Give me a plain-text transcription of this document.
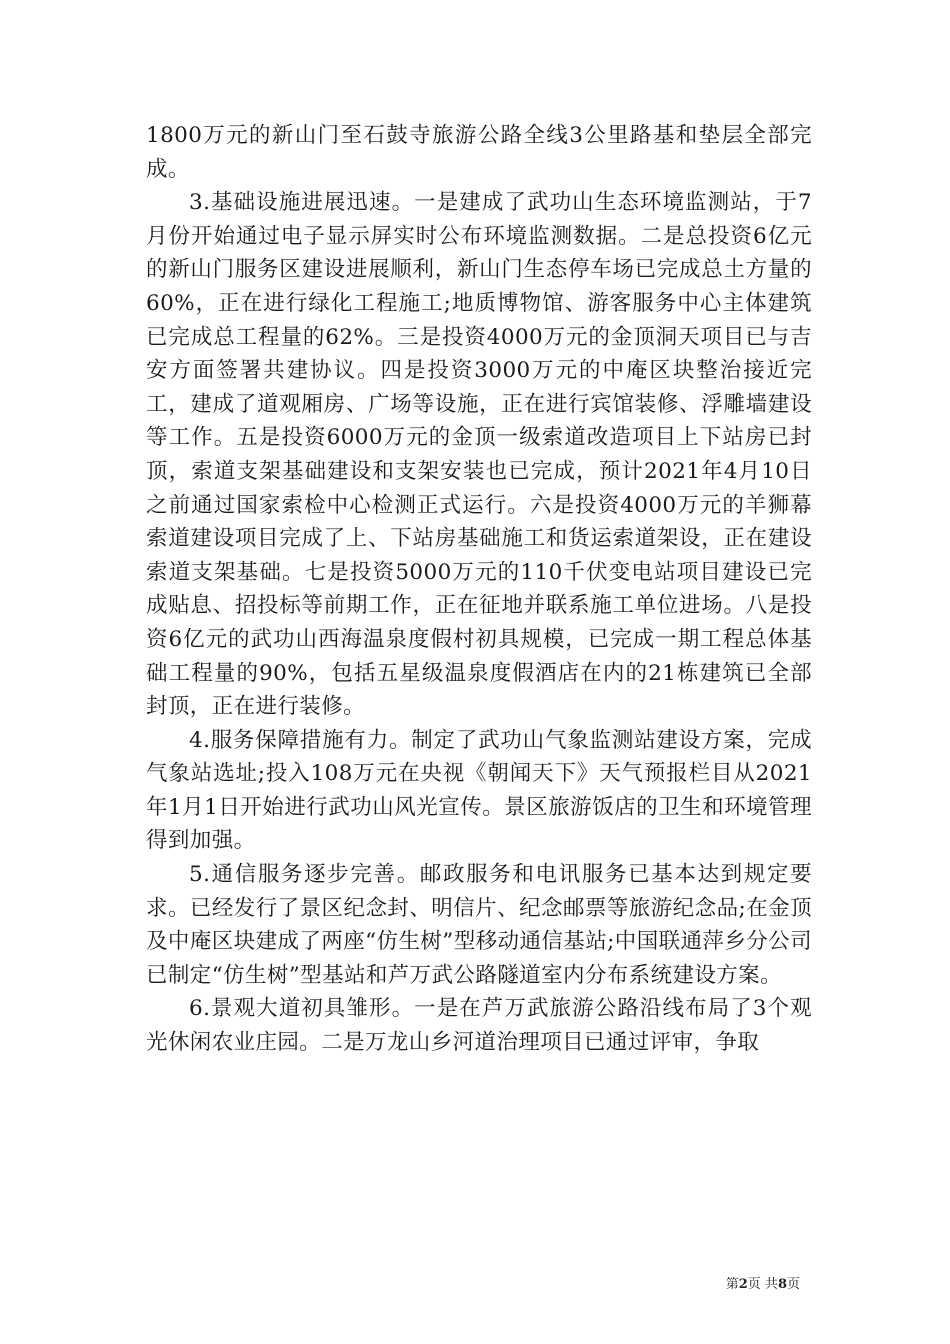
1800万元的新山门至石鼓寺旅游公路全线3公里路基和垫层全部完成。

3.基础设施进展迅速。一是建成了武功山生态环境监测站，于7月份开始通过电子显示屏实时公布环境监测数据。二是总投资6亿元的新山门服务区建设进展顺利，新山门生态停车场已完成总土方量的60%，正在进行绿化工程施工;地质博物馆、游客服务中心主体建筑已完成总工程量的62%。三是投资4000万元的金顶洞天项目已与吉安方面签署共建协议。四是投资3000万元的中庵区块整治接近完工，建成了道观厢房、广场等设施，正在进行宾馆装修、浮雕墙建设等工作。五是投资6000万元的金顶一级索道改造项目上下站房已封顶，索道支架基础建设和支架安装也已完成，预计2021年4月10日之前通过国家索检中心检测正式运行。六是投资4000万元的羊狮幕索道建设项目完成了上、下站房基础施工和货运索道架设，正在建设索道支架基础。七是投资5000万元的110千伏变电站项目建设已完成贴息、招投标等前期工作，正在征地并联系施工单位进场。八是投资6亿元的武功山西海温泉度假村初具规模，已完成一期工程总体基础工程量的90%，包括五星级温泉度假酒店在内的21栋建筑已全部封顶，正在进行装修。

4.服务保障措施有力。制定了武功山气象监测站建设方案，完成气象站选址;投入108万元在央视《朝闻天下》天气预报栏目从2021年1月1日开始进行武功山风光宣传。景区旅游饭店的卫生和环境管理得到加强。

5.通信服务逐步完善。邮政服务和电讯服务已基本达到规定要求。已经发行了景区纪念封、明信片、纪念邮票等旅游纪念品;在金顶及中庵区块建成了两座“仿生树”型移动通信基站;中国联通萍乡分公司已制定“仿生树”型基站和芦万武公路隧道室内分布系统建设方案。

6.景观大道初具雏形。一是在芦万武旅游公路沿线布局了3个观光休闲农业庄园。二是万龙山乡河道治理项目已通过评审，争取

第2页 共8页
